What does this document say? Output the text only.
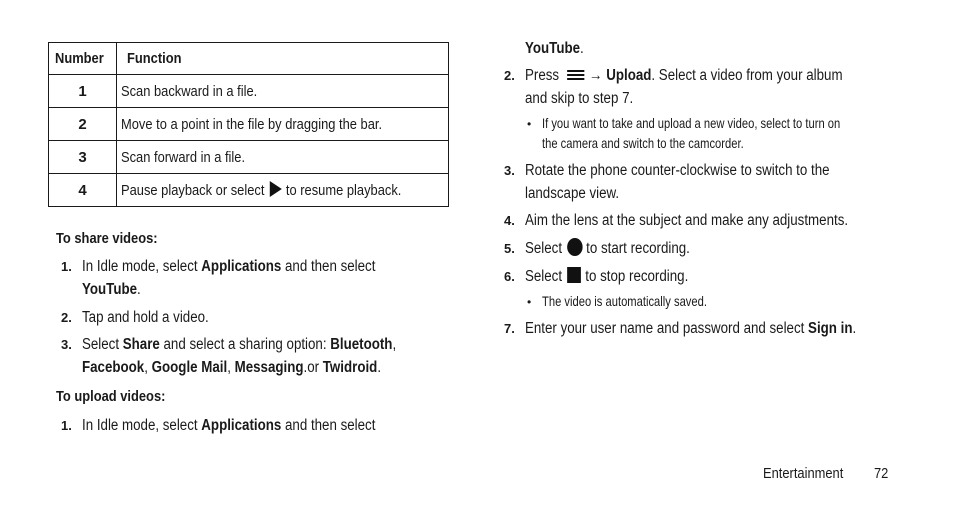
Number	Function
1	Scan backward in a file.
2	Move to a point in the file by dragging the bar.
3	Scan forward in a file.
4	Pause playback or select to resume playback.
To share videos:
1. In Idle mode, select Applications and then select
YouTube.
2. Tap and hold a video.
3. Select Share and select a sharing option: Bluetooth,
Facebook, Google Mail, Messaging.or Twidroid.
To upload videos:
1. In Idle mode, select Applications and then select
YouTube.
2. Press → Upload. Select a video from your album
and skip to step 7.
• If you want to take and upload a new video, select to turn on
the camera and switch to the camcorder.
3. Rotate the phone counter-clockwise to switch to the
landscape view.
4. Aim the lens at the subject and make any adjustments.
5. Select to start recording.
6. Select to stop recording.
• The video is automatically saved.
7. Enter your user name and password and select Sign in.
Entertainment	72
